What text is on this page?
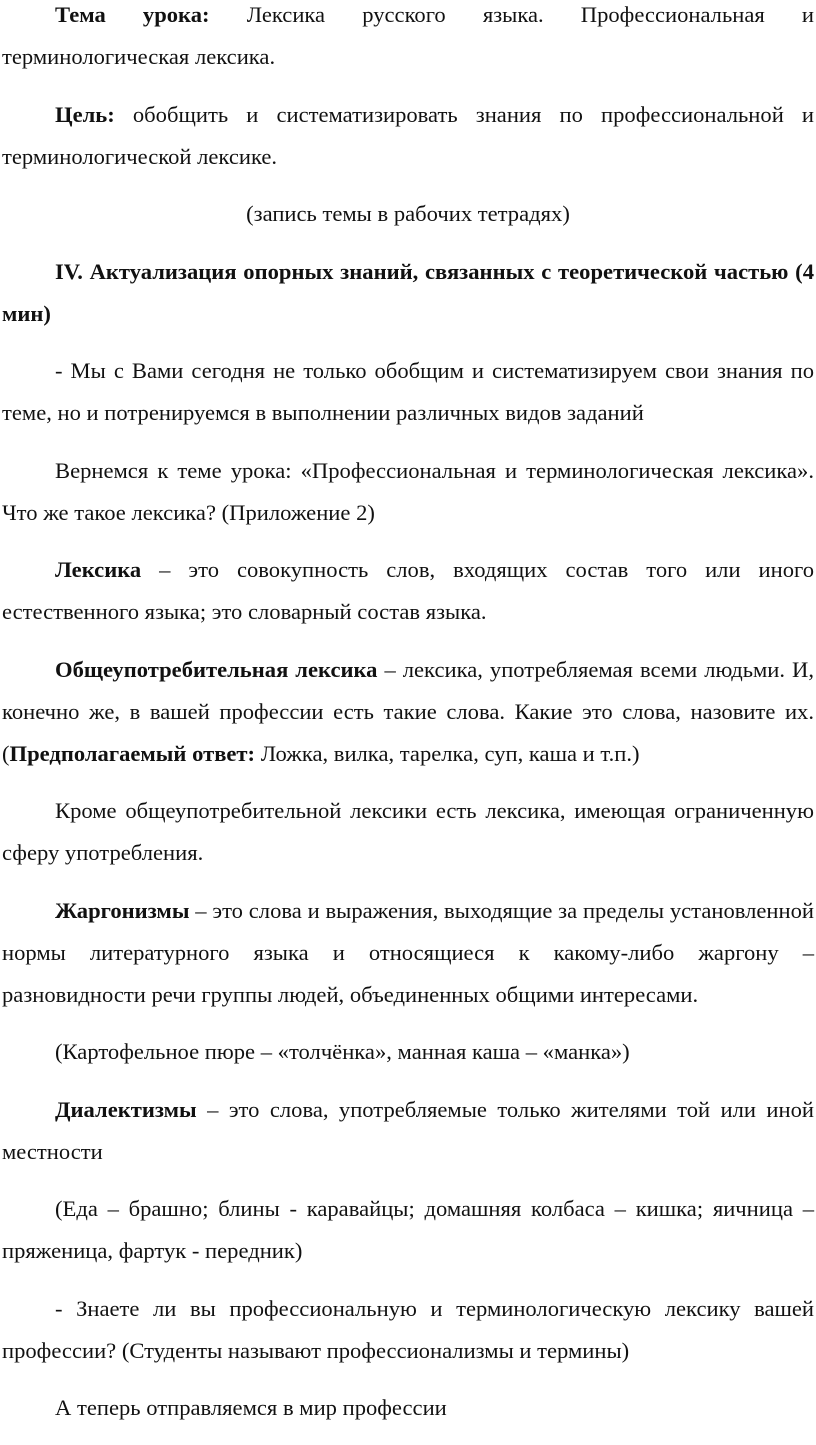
Тема урока: Лексика русского языка. Профессиональная и терминологическая лексика.

Цель: обобщить и систематизировать знания по профессиональной и терминологической лексике.

(запись темы в рабочих тетрадях)

IV. Актуализация опорных знаний, связанных с теоретической частью (4 мин)

- Мы с Вами сегодня не только обобщим и систематизируем свои знания по теме, но и потренируемся в выполнении различных видов заданий

Вернемся к теме урока: «Профессиональная и терминологическая лексика». Что же такое лексика? (Приложение 2)

Лексика – это совокупность слов, входящих состав того или иного естественного языка; это словарный состав языка.

Общеупотребительная лексика – лексика, употребляемая всеми людьми. И, конечно же, в вашей профессии есть такие слова. Какие это слова, назовите их. (Предполагаемый ответ: Ложка, вилка, тарелка, суп, каша и т.п.)

Кроме общеупотребительной лексики есть лексика, имеющая ограниченную сферу употребления.

Жаргонизмы – это слова и выражения, выходящие за пределы установленной нормы литературного языка и относящиеся к какому-либо жаргону – разновидности речи группы людей, объединенных общими интересами.

(Картофельное пюре – «толчёнка», манная каша – «манка»)

Диалектизмы – это слова, употребляемые только жителями той или иной местности

(Еда – брашно; блины - каравайцы; домашняя колбаса – кишка; яичница – пряженица, фартук - передник)

- Знаете ли вы профессиональную и терминологическую лексику вашей профессии? (Студенты называют профессионализмы и термины)

А теперь отправляемся в мир профессии
